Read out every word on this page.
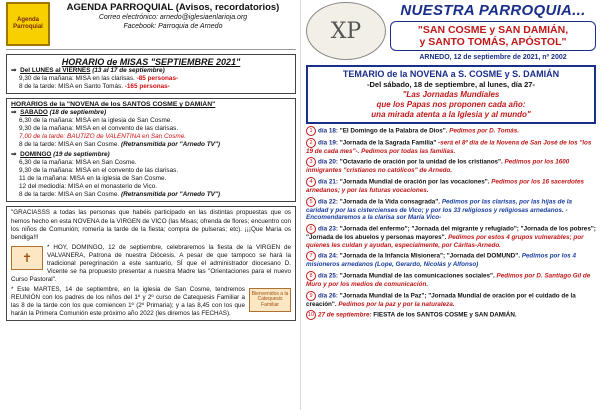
Agenda Parroquial
AGENDA PARROQUIAL (Avisos, recordatorios)
Correo electrónico: arnedo@iglesiaenlarioja.org
Facebook: Parroquia de Arnedo
HORARIO de MISAS "SEPTIEMBRE 2021"
⇒ Del LUNES al VIERNES (13 al 17 de septiembre)
9,30 de la mañana: MISA en las clarisas. -85 personas-
8 de la tarde: MISA en Santo Tomás. -165 personas-
HORARIOS de la "NOVENA de los SANTOS COSME y DAMIÁN"
⇒ SÁBADO (18 de septiembre)
6,30 de la mañana: MISA en la iglesia de San Cosme.
9,30 de la mañana: MISA en el convento de las clarisas.
7,00 de la tarde: BAUTIZO de VALENTINA en San Cosme.
8 de la tarde: MISA en San Cosme. (Retransmitida por "Arnedo TV")
⇒ DOMINGO (19 de septiembre)
6,30 de la mañana: MISA en San Cosme.
9,30 de la mañana: MISA en el convento de las clarisas.
11 de la mañana: MISA en la iglesia de San Cosme.
12 del mediodía: MISA en el monasterio de Vico.
8 de la tarde: MISA en San Cosme. (Retransmitida por "Arnedo TV")
"GRACIASSS a todas las personas que habéis participado en las distintas propuestas que os hemos hecho en esta NOVENA de la VIRGEN de VICO (las Misas; ofrenda de flores; encuentro con los niños de Comunión; romería la tarde de la fiesta; compra de pulseras; etc). ¡¡¡Que María os bendiga!!!
✝
* HOY, DOMINGO, 12 de septiembre, celebraremos la fiesta de la VIRGEN de VALVANERA, Patrona de nuestra Diócesis. A pesar de que tampoco se hará la tradicional peregrinación a este santuario, SÍ que el administrador diocesano D. Vicente se ha propuesto presentar a nuestra Madre las "Orientaciones para el nuevo Curso Pastoral".
Bienvenidos a la Catequesis Familiar
* Este MARTES, 14 de septiembre, en la iglesia de San Cosme, tendremos REUNIÓN con los padres de los niños del 1º y 2º curso de Catequesis Familiar a las 8 de la tarde con los que comiencen 1º (2º Primaria); y a las 8,45 con los que harán la Primera Comunión este próximo año 2022 (les diremos las FECHAS).
XP
NUESTRA PARROQUIA...
"SAN COSME y SAN DAMIÁN,
y SANTO TOMÁS, APÓSTOL"
ARNEDO, 12 de septiembre de 2021, nº 2002
TEMARIO de la NOVENA a S. COSME y S. DAMIÁN
-Del sábado, 18 de septiembre, al lunes, día 27-
"Las Jornadas Mundiales
que los Papas nos proponen cada año:
una mirada atenta a la Iglesia y al mundo"
1 día 18: "El Domingo de la Palabra de Dios". Pedimos por D. Tomás.
2 día 19: "Jornada de la Sagrada Familia" -será el 8º día de la Novena de San José de los "los 19 de cada mes"-. Pedimos por todas las familias.
3 día 20: "Octavario de oración por la unidad de los cristianos". Pedimos por los 1600 inmigrantes "cristianos no católicos" de Arnedo.
4 día 21: "Jornada Mundial de oración por las vocaciones". Pedimos por los 16 sacerdotes arnedanos; y por las futuras vocaciones.
5 día 22: "Jornada de la Vida consagrada". Pedimos por las clarisas, por las hijas de la caridad y por las cistercienses de Vico; y por los 33 religiosos y religiosas arnedanos. -Encomendaremos a la clarisa sor María Vico-
6 día 23: "Jornada del enfermo"; "Jornada del migrante y refugiado"; "Jornada de los pobres"; "Jornada de los abuelos y personas mayores". Pedimos por estos 4 grupos vulnerables; por quienes les cuidan y ayudan, especialmente, por Cáritas-Arnedo.
7 día 24: "Jornada de la Infancia Misionera"; "Jornada del DOMUND". Pedimos por los 4 misioneros arnedanos (Lope, Gerardo, Nicolás y Alfonso)
8 día 25: "Jornada Mundial de las comunicaciones sociales". Pedimos por D. Santiago Gil de Muro y por los medios de comunicación.
9 día 26: "Jornada Mundial de la Paz"; "Jornada Mundial de oración por el cuidado de la creación". Pedimos por la paz y por la naturaleza.
10 27 de septiembre: FIESTA de los SANTOS COSME y SAN DAMIÁN.
